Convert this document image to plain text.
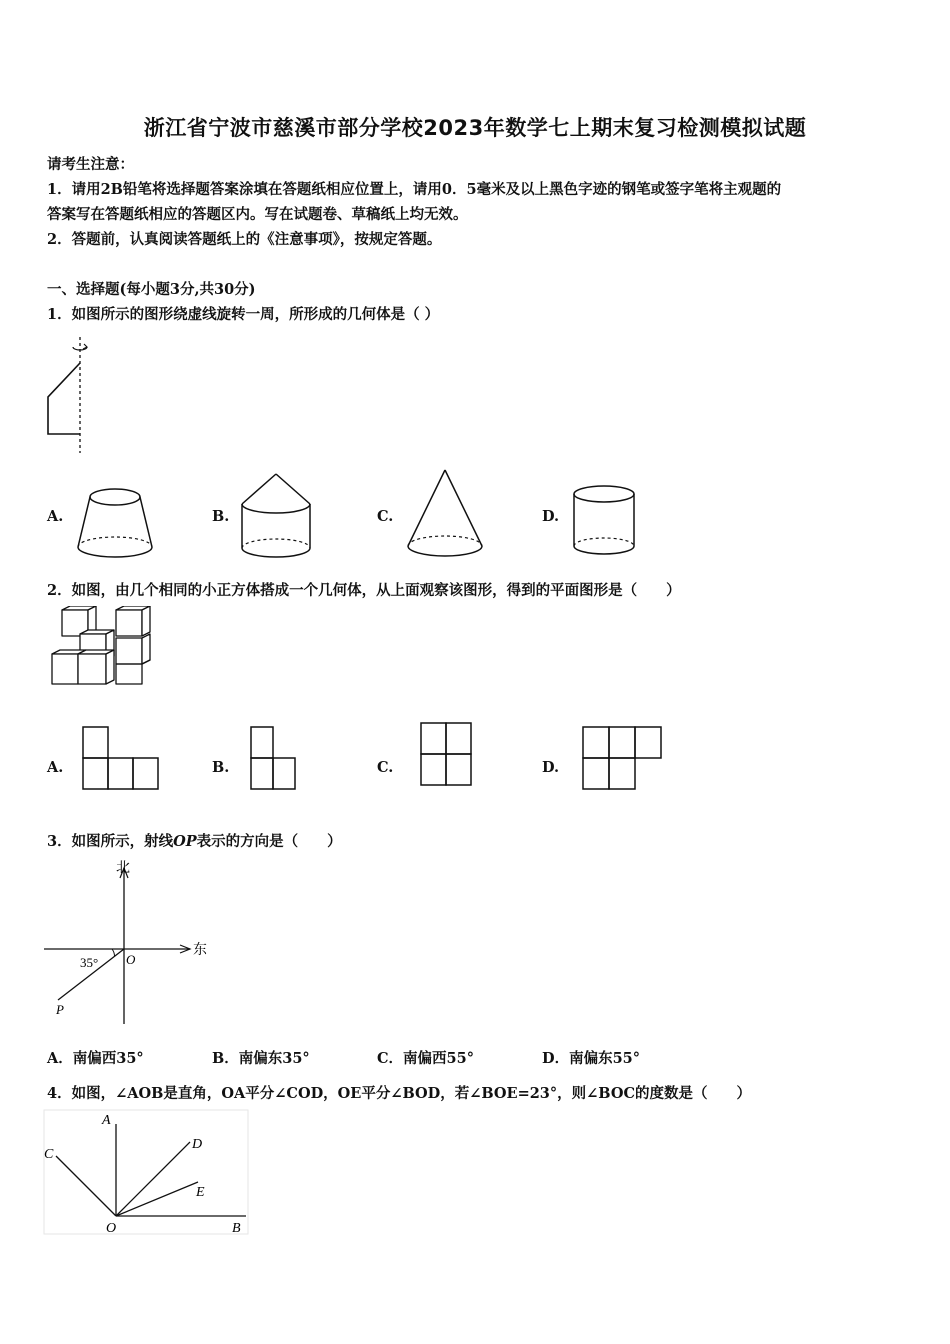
浙江省宁波市慈溪市部分学校2023年数学七上期末复习检测模拟试题
请考生注意：
1．请用2B铅笔将选择题答案涂填在答题纸相应位置上，请用0．5毫米及以上黑色字迹的钢笔或签字笔将主观题的
答案写在答题纸相应的答题区内。写在试题卷、草稿纸上均无效。
2．答题前，认真阅读答题纸上的《注意事项》，按规定答题。
一、选择题(每小题3分,共30分)
1．如图所示的图形绕虚线旋转一周，所形成的几何体是（ ）
A.	B.	C.	D.
2．如图，由几个相同的小正方体搭成一个几何体，从上面观察该图形，得到的平面图形是（　　）
A.	B.	C.	D.
3．如图所示，射线OP表示的方向是（　　）
北
东
35° O
P
A．南偏西35°	B．南偏东35°	C．南偏西55°	D．南偏东55°
4．如图，∠AOB是直角，OA平分∠COD，OE平分∠BOD，若∠BOE=23°，则∠BOC的度数是（　　）
A
B
C
D
E
O
